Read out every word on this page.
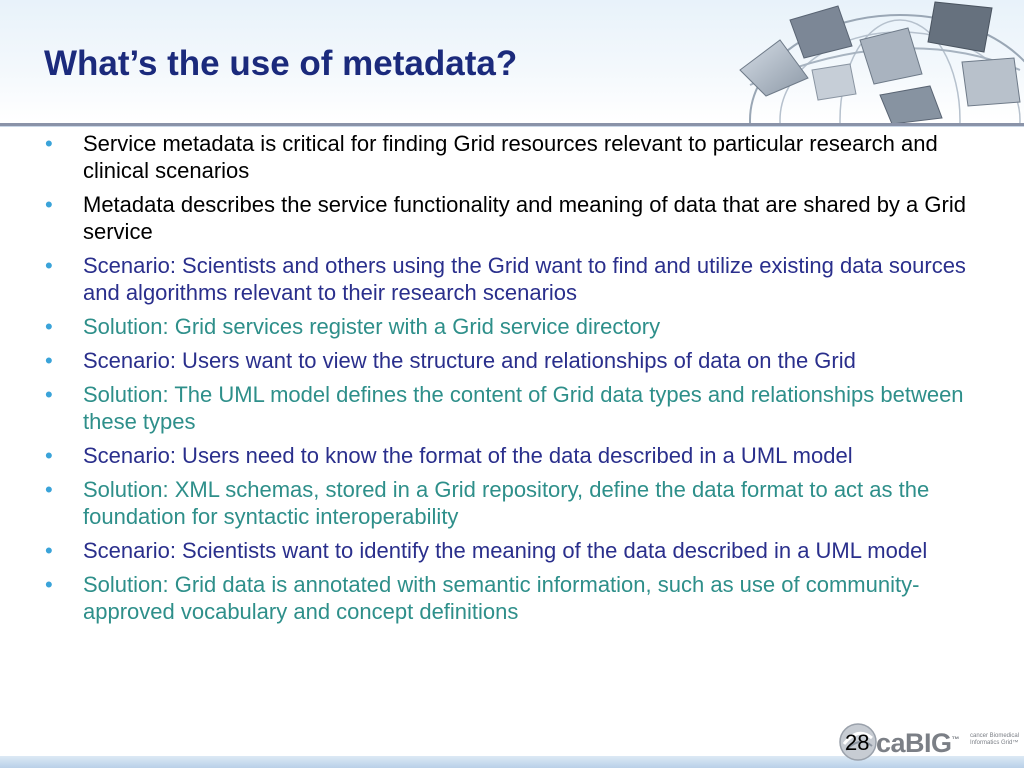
What’s the use of metadata?
•	Service metadata is critical for finding Grid resources relevant to particular research and clinical scenarios
•	Metadata describes the service functionality and meaning of data that are shared by a Grid service
•	Scenario: Scientists and others using the Grid want to find and utilize existing data sources and algorithms relevant to their research scenarios
•	Solution: Grid services register with a Grid service directory
•	Scenario: Users want to view the structure and relationships of data on the Grid
•	Solution: The UML model defines the content of Grid data types and relationships between these types
•	Scenario: Users need to know the format of the data described in a UML model
•	Solution: XML schemas, stored in a Grid repository, define the data format to act as the foundation for syntactic interoperability
•	Scenario: Scientists want to identify the meaning of the data described in a UML model
•	Solution: Grid data is annotated with semantic information, such as use of community-approved vocabulary and concept definitions
28 caBIG™ cancer Biomedical Informatics Grid™
